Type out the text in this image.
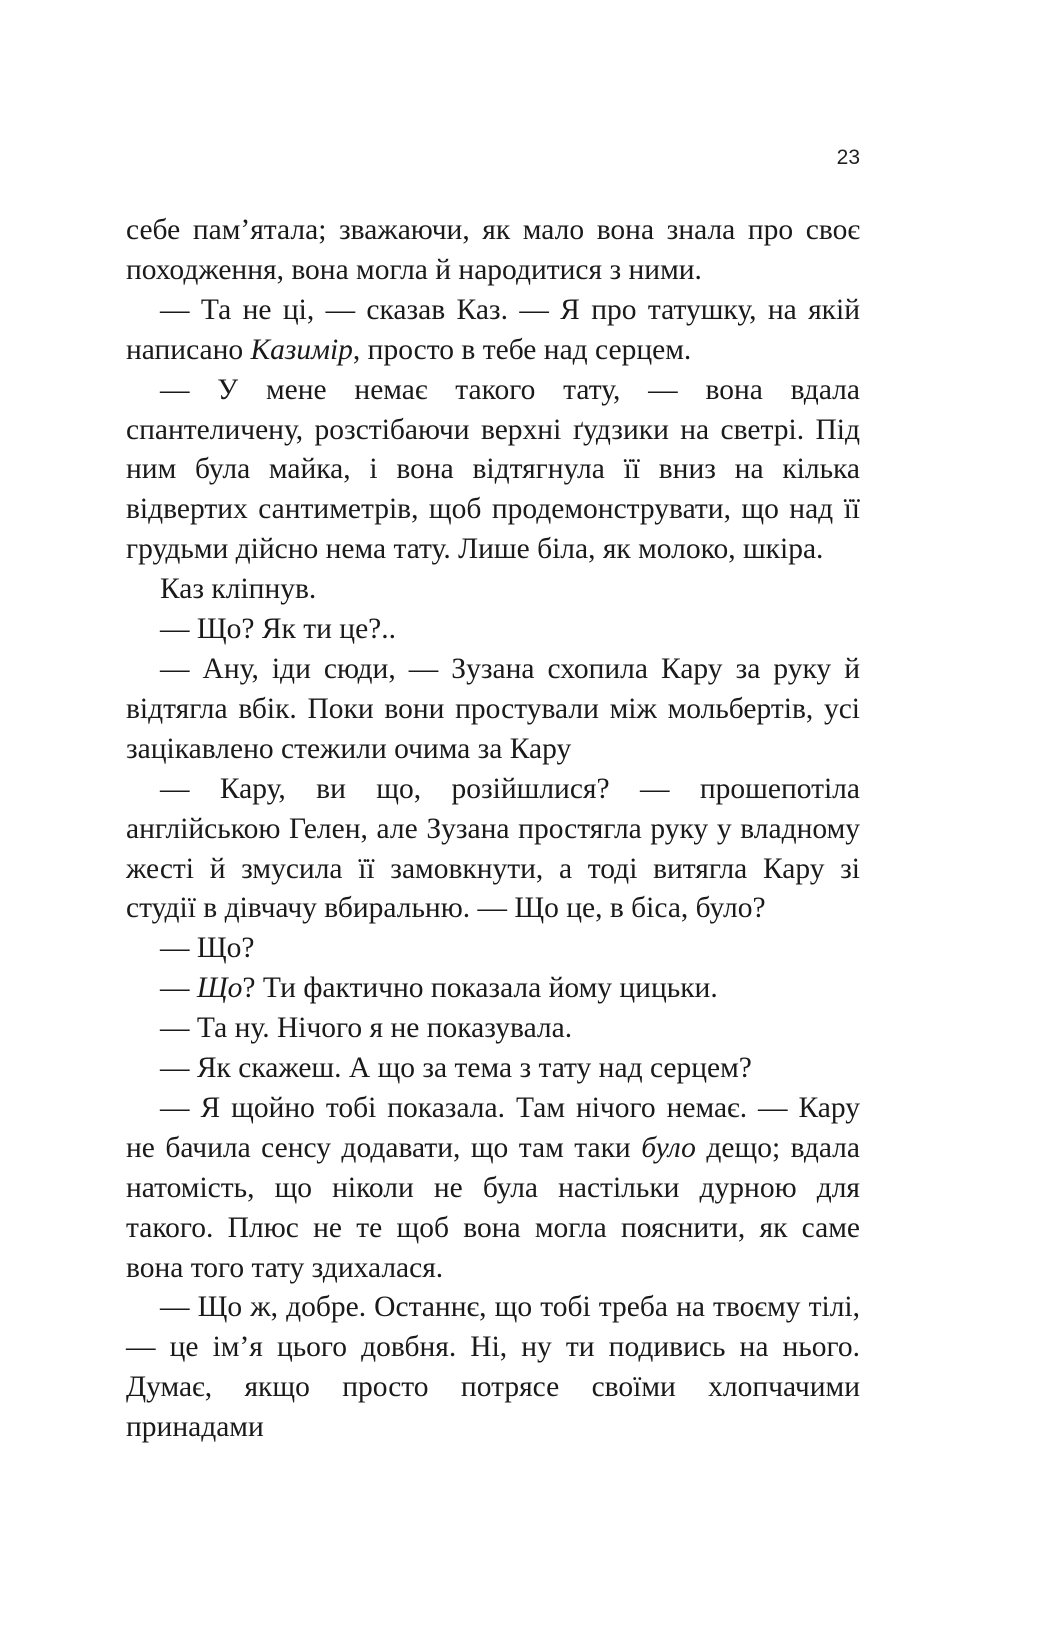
23

себе пам’ятала; зважаючи, як мало вона знала про своє походження, вона могла й народитися з ними.

— Та не ці, — сказав Каз. — Я про татушку, на якій написано Казимір, просто в тебе над серцем.

— У мене немає такого тату, — вона вдала спантеличену, розстібаючи верхні ґудзики на светрі. Під ним була майка, і вона відтягнула її вниз на кілька відвертих сантиметрів, щоб продемонструвати, що над її грудьми дійсно нема тату. Лише біла, як молоко, шкіра.

Каз кліпнув.

— Що? Як ти це?..

— Ану, іди сюди, — Зузана схопила Кару за руку й відтягла вбік. Поки вони простували між мольбертів, усі зацікавлено стежили очима за Кару

— Кару, ви що, розійшлися? — прошепотіла англійською Гелен, але Зузана простягла руку у владному жесті й змусила її замовкнути, а тоді витягла Кару зі студії в дівчачу вбиральню. — Що це, в біса, було?

— Що?

— Що? Ти фактично показала йому цицьки.

— Та ну. Нічого я не показувала.

— Як скажеш. А що за тема з тату над серцем?

— Я щойно тобі показала. Там нічого немає. — Кару не бачила сенсу додавати, що там таки було дещо; вдала натомість, що ніколи не була настільки дурною для такого. Плюс не те щоб вона могла пояснити, як саме вона того тату здихалася.

— Що ж, добре. Останнє, що тобі треба на твоєму тілі, — це ім’я цього довбня. Ні, ну ти подивись на нього. Думає, якщо просто потрясе своїми хлопчачими принадами
